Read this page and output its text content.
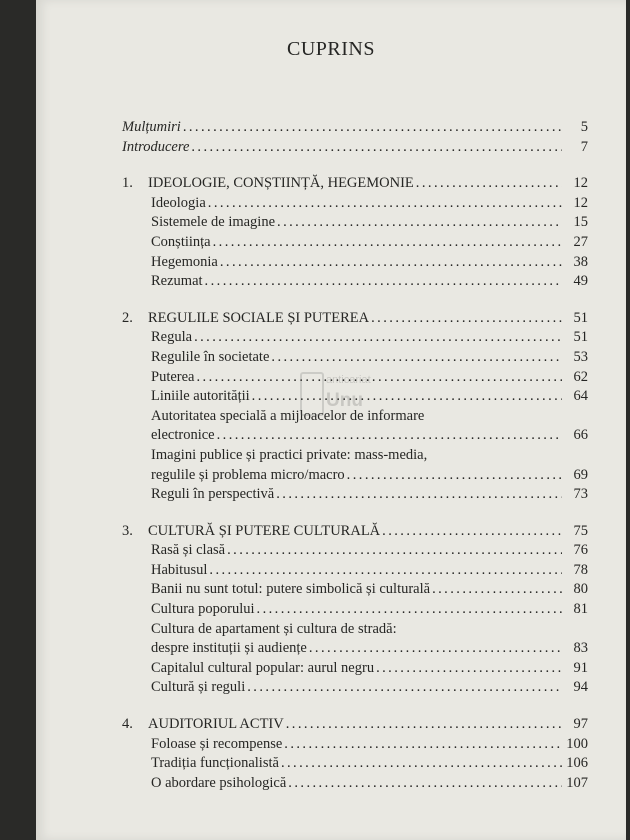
CUPRINS
Mulțumiri . . .	5
Introducere . . .	7
1. IDEOLOGIE, CONȘTIINȚĂ, HEGEMONIE . . .	12
Ideologia . . .	12
Sistemele de imagine . . .	15
Conștiința . . .	27
Hegemonia . . .	38
Rezumat . . .	49
2. REGULILE SOCIALE ȘI PUTEREA . . .	51
Regula . . .	51
Regulile în societate . . .	53
Puterea . . .	62
Liniile autorității . . .	64
Autoritatea specială a mijloacelor de informare
electronice . . .	66
Imagini publice și practici private: mass-media,
regulile și problema micro/macro . . .	69
Reguli în perspectivă . . .	73
3. CULTURĂ ȘI PUTERE CULTURALĂ . . .	75
Rasă și clasă . . .	76
Habitusul . . .	78
Banii nu sunt totul: putere simbolică și culturală . . .	80
Cultura poporului . . .	81
Cultura de apartament și cultura de stradă:
despre instituții și audiențe . . .	83
Capitalul cultural popular: aurul negru . . .	91
Cultură și reguli . . .	94
4. AUDITORIUL ACTIV . . .	97
Foloase și recompense . . .	100
Tradiția funcționalistă . . .	106
O abordare psihologică . . .	107
anticariat
Unu
